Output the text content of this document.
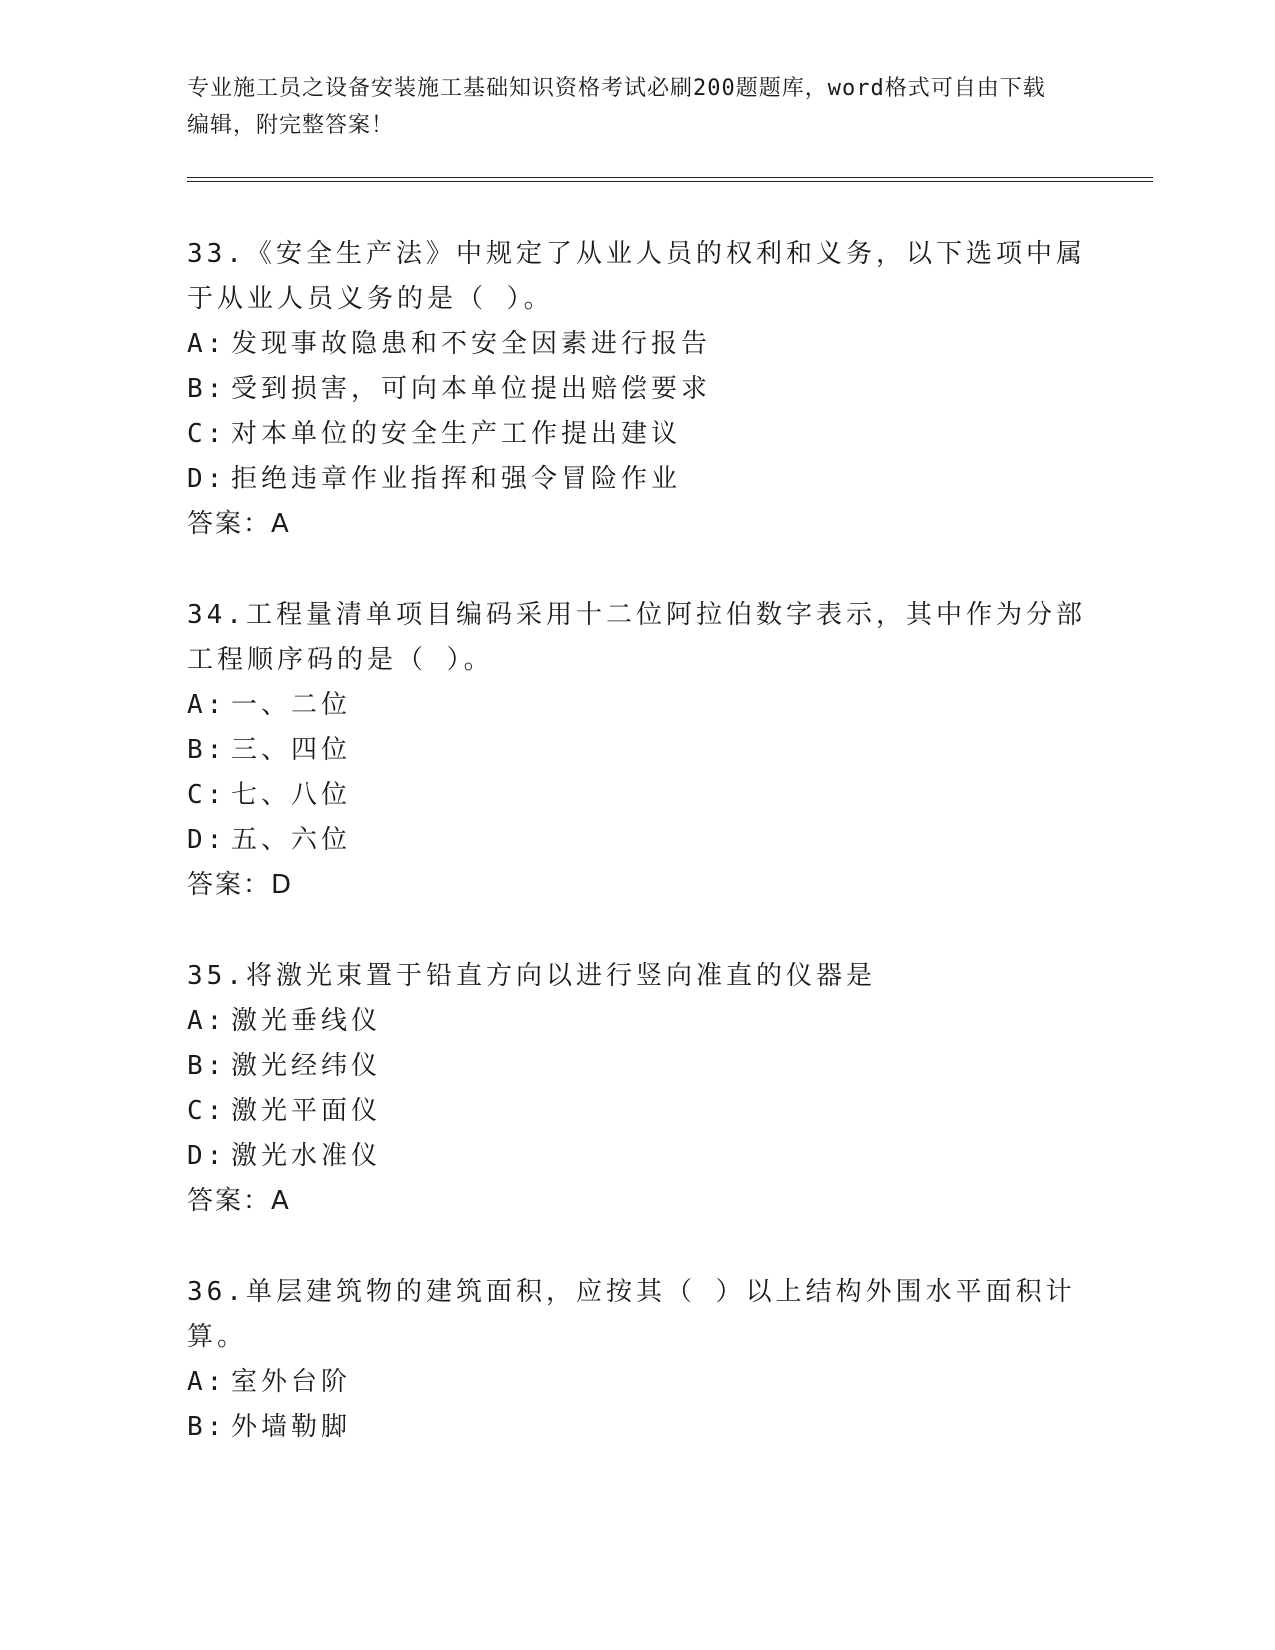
专业施工员之设备安装施工基础知识资格考试必刷200题题库，word格式可自由下载编辑，附完整答案！

33.《安全生产法》中规定了从业人员的权利和义务，以下选项中属于从业人员义务的是（ ）。

A: 发现事故隐患和不安全因素进行报告

B: 受到损害，可向本单位提出赔偿要求

C: 对本单位的安全生产工作提出建议

D: 拒绝违章作业指挥和强令冒险作业

答案：A

34.工程量清单项目编码采用十二位阿拉伯数字表示，其中作为分部工程顺序码的是（ ）。

A: 一、二位

B: 三、四位

C: 七、八位

D: 五、六位

答案：D

35.将激光束置于铅直方向以进行竖向准直的仪器是

A: 激光垂线仪

B: 激光经纬仪

C: 激光平面仪

D: 激光水准仪

答案：A

36.单层建筑物的建筑面积，应按其（ ）以上结构外围水平面积计算。

A: 室外台阶

B: 外墙勒脚
